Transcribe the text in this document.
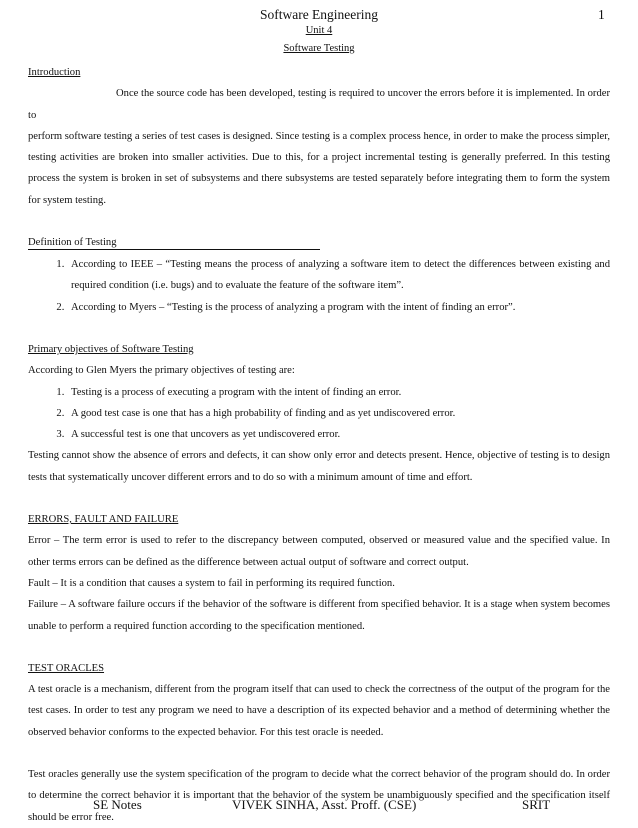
Software Engineering	1
Unit 4
Software Testing

Introduction

Once the source code has been developed, testing is required to uncover the errors before it is implemented. In order to

perform software testing a series of test cases is designed. Since testing is a complex process hence, in order to make the process simpler, testing activities are broken into smaller activities. Due to this, for a project incremental testing is generally preferred. In this testing process the system is broken in set of subsystems and there subsystems are tested separately before integrating them to form the system for system testing.

Definition of Testing

1. According to IEEE – “Testing means the process of analyzing a software item to detect the differences between existing and required condition (i.e. bugs) and to evaluate the feature of the software item”.
2. According to Myers – “Testing is the process of analyzing a program with the intent of finding an error”.

Primary objectives of Software Testing

According to Glen Myers the primary objectives of testing are:

1. Testing is a process of executing a program with the intent of finding an error.
2. A good test case is one that has a high probability of finding and as yet undiscovered error.
3. A successful test is one that uncovers as yet undiscovered error.

Testing cannot show the absence of errors and defects, it can show only error and detects present. Hence, objective of testing is to design tests that systematically uncover different errors and to do so with a minimum amount of time and effort.

ERRORS, FAULT AND FAILURE

Error – The term error is used to refer to the discrepancy between computed, observed or measured value and the specified value. In other terms errors can be defined as the difference between actual output of software and correct output.

Fault – It is a condition that causes a system to fail in performing its required function.

Failure – A software failure occurs if the behavior of the software is different from specified behavior. It is a stage when system becomes unable to perform a required function according to the specification mentioned.

TEST ORACLES

A test oracle is a mechanism, different from the program itself that can used to check the correctness of the output of the program for the test cases. In order to test any program we need to have a description of its expected behavior and a method of determining whether the observed behavior conforms to the expected behavior. For this test oracle is needed.

Test oracles generally use the system specification of the program to decide what the correct behavior of the program should do. In order to determine the correct behavior it is important that the behavior of the system be unambiguously specified and the specification itself should be error free.

SE Notes	VIVEK SINHA, Asst. Proff. (CSE)	SRIT
